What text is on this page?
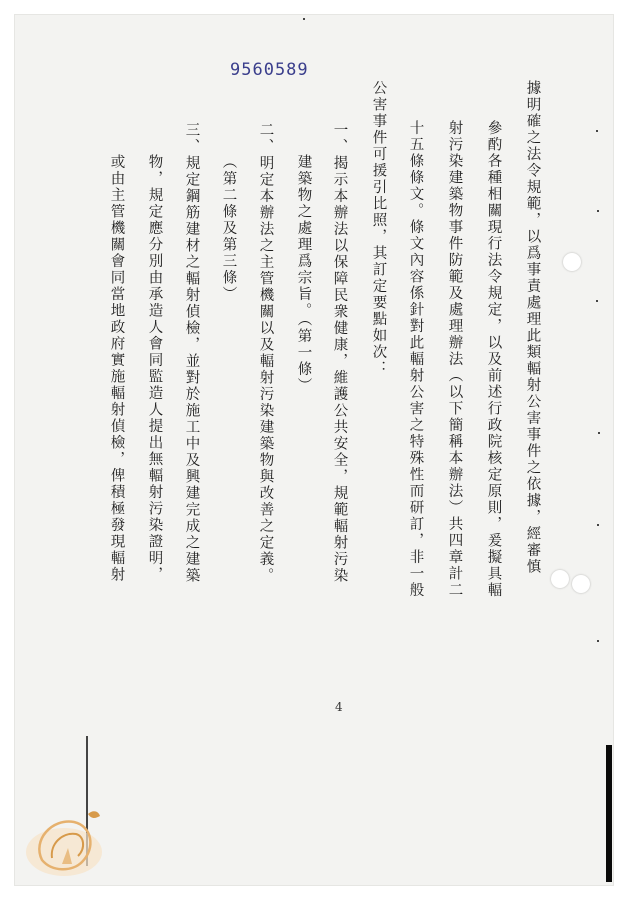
9560589
據明確之法令規範，以爲事責處理此類輻射公害事件之依據，經審慎
參酌各種相關現行法令規定，以及前述行政院核定原則，爰擬具輻
射污染建築物事件防範及處理辦法（以下簡稱本辦法）共四章計二
十五條條文。條文內容係針對此輻射公害之特殊性而研訂，非一般
公害事件可援引比照，其訂定要點如次：
一、揭示本辦法以保障民衆健康，維護公共安全，規範輻射污染
建築物之處理爲宗旨。（第一條）
二、明定本辦法之主管機關以及輻射污染建築物與改善之定義。
（第二條及第三條）
三、規定鋼筋建材之輻射偵檢，並對於施工中及興建完成之建築
物，規定應分別由承造人會同監造人提出無輻射污染證明，
或由主管機關會同當地政府實施輻射偵檢，俾積極發現輻射
4
